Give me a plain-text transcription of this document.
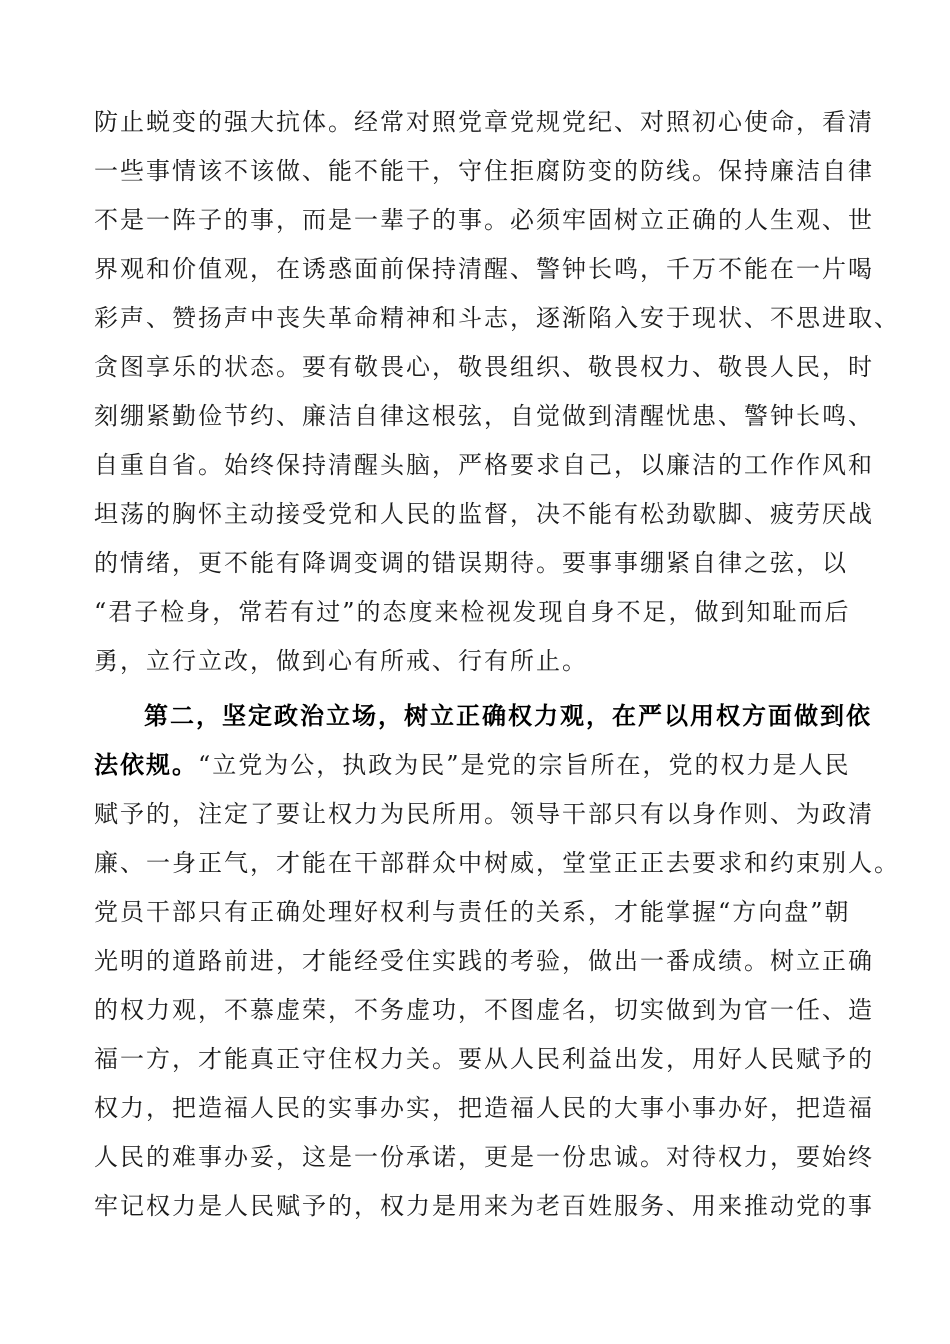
防止蜕变的强大抗体。经常对照党章党规党纪、对照初心使命，看清
一些事情该不该做、能不能干，守住拒腐防变的防线。保持廉洁自律
不是一阵子的事，而是一辈子的事。必须牢固树立正确的人生观、世
界观和价值观，在诱惑面前保持清醒、警钟长鸣，千万不能在一片喝
彩声、赞扬声中丧失革命精神和斗志，逐渐陷入安于现状、不思进取、
贪图享乐的状态。要有敬畏心，敬畏组织、敬畏权力、敬畏人民，时
刻绷紧勤俭节约、廉洁自律这根弦，自觉做到清醒忧患、警钟长鸣、
自重自省。始终保持清醒头脑，严格要求自己，以廉洁的工作作风和
坦荡的胸怀主动接受党和人民的监督，决不能有松劲歇脚、疲劳厌战
的情绪，更不能有降调变调的错误期待。要事事绷紧自律之弦，以
“君子检身，常若有过”的态度来检视发现自身不足，做到知耻而后
勇，立行立改，做到心有所戒、行有所止。
第二，坚定政治立场，树立正确权力观，在严以用权方面做到依
法依规。“立党为公，执政为民”是党的宗旨所在，党的权力是人民
赋予的，注定了要让权力为民所用。领导干部只有以身作则、为政清
廉、一身正气，才能在干部群众中树威，堂堂正正去要求和约束别人。
党员干部只有正确处理好权利与责任的关系，才能掌握“方向盘”朝
光明的道路前进，才能经受住实践的考验，做出一番成绩。树立正确
的权力观，不慕虚荣，不务虚功，不图虚名，切实做到为官一任、造
福一方，才能真正守住权力关。要从人民利益出发，用好人民赋予的
权力，把造福人民的实事办实，把造福人民的大事小事办好，把造福
人民的难事办妥，这是一份承诺，更是一份忠诚。对待权力，要始终
牢记权力是人民赋予的，权力是用来为老百姓服务、用来推动党的事
